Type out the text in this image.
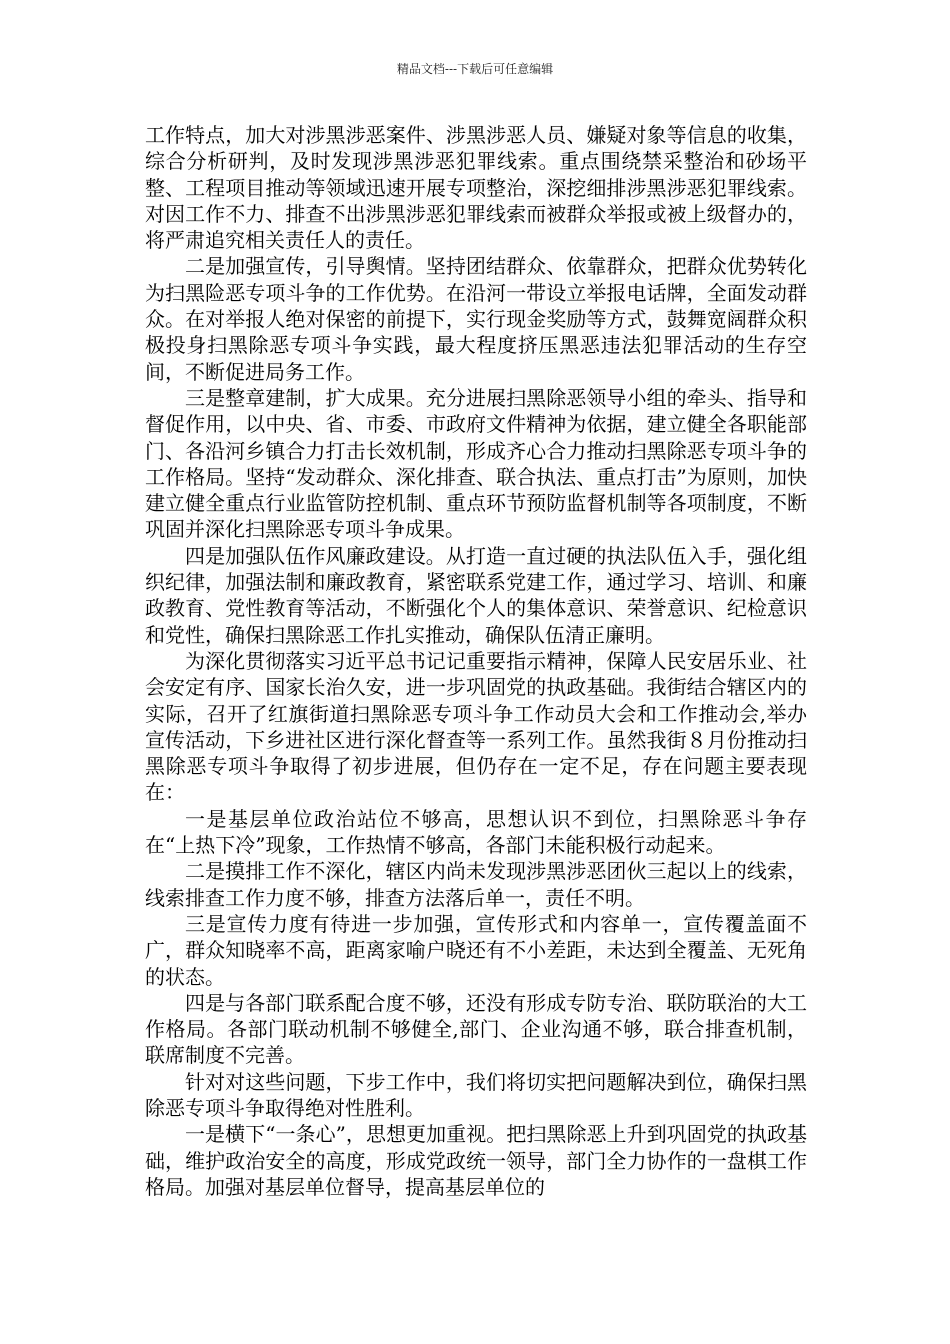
精品文档---下载后可任意编辑

工作特点，加大对涉黑涉恶案件、涉黑涉恶人员、嫌疑对象等信息的收集，综合分析研判，及时发现涉黑涉恶犯罪线索。重点围绕禁采整治和砂场平整、工程项目推动等领域迅速开展专项整治，深挖细排涉黑涉恶犯罪线索。对因工作不力、排查不出涉黑涉恶犯罪线索而被群众举报或被上级督办的，将严肃追究相关责任人的责任。

二是加强宣传，引导舆情。坚持团结群众、依靠群众，把群众优势转化为扫黑险恶专项斗争的工作优势。在沿河一带设立举报电话牌，全面发动群众。在对举报人绝对保密的前提下，实行现金奖励等方式，鼓舞宽阔群众积极投身扫黑除恶专项斗争实践，最大程度挤压黑恶违法犯罪活动的生存空间，不断促进局务工作。

三是整章建制，扩大成果。充分进展扫黑除恶领导小组的牵头、指导和督促作用，以中央、省、市委、市政府文件精神为依据，建立健全各职能部门、各沿河乡镇合力打击长效机制，形成齐心合力推动扫黑除恶专项斗争的工作格局。坚持“发动群众、深化排查、联合执法、重点打击”为原则，加快建立健全重点行业监管防控机制、重点环节预防监督机制等各项制度，不断巩固并深化扫黑除恶专项斗争成果。

四是加强队伍作风廉政建设。从打造一直过硬的执法队伍入手，强化组织纪律，加强法制和廉政教育，紧密联系党建工作，通过学习、培训、和廉政教育、党性教育等活动，不断强化个人的集体意识、荣誉意识、纪检意识和党性，确保扫黑除恶工作扎实推动，确保队伍清正廉明。

为深化贯彻落实习近平总书记记重要指示精神，保障人民安居乐业、社会安定有序、国家长治久安，进一步巩固党的执政基础。我街结合辖区内的实际，召开了红旗街道扫黑除恶专项斗争工作动员大会和工作推动会,举办宣传活动，下乡进社区进行深化督查等一系列工作。虽然我街８月份推动扫黑除恶专项斗争取得了初步进展，但仍存在一定不足，存在问题主要表现在：

一是基层单位政治站位不够高，思想认识不到位，扫黑除恶斗争存在“上热下冷”现象，工作热情不够高，各部门未能积极行动起来。

二是摸排工作不深化，辖区内尚未发现涉黑涉恶团伙三起以上的线索，线索排查工作力度不够，排查方法落后单一，责任不明。

三是宣传力度有待进一步加强，宣传形式和内容单一，宣传覆盖面不广，群众知晓率不高，距离家喻户晓还有不小差距，未达到全覆盖、无死角的状态。

四是与各部门联系配合度不够，还没有形成专防专治、联防联治的大工作格局。各部门联动机制不够健全,部门、企业沟通不够，联合排查机制，联席制度不完善。

针对对这些问题，下步工作中，我们将切实把问题解决到位，确保扫黑除恶专项斗争取得绝对性胜利。

一是横下“一条心”，思想更加重视。把扫黑除恶上升到巩固党的执政基础，维护政治安全的高度，形成党政统一领导，部门全力协作的一盘棋工作格局。加强对基层单位督导，提高基层单位的
